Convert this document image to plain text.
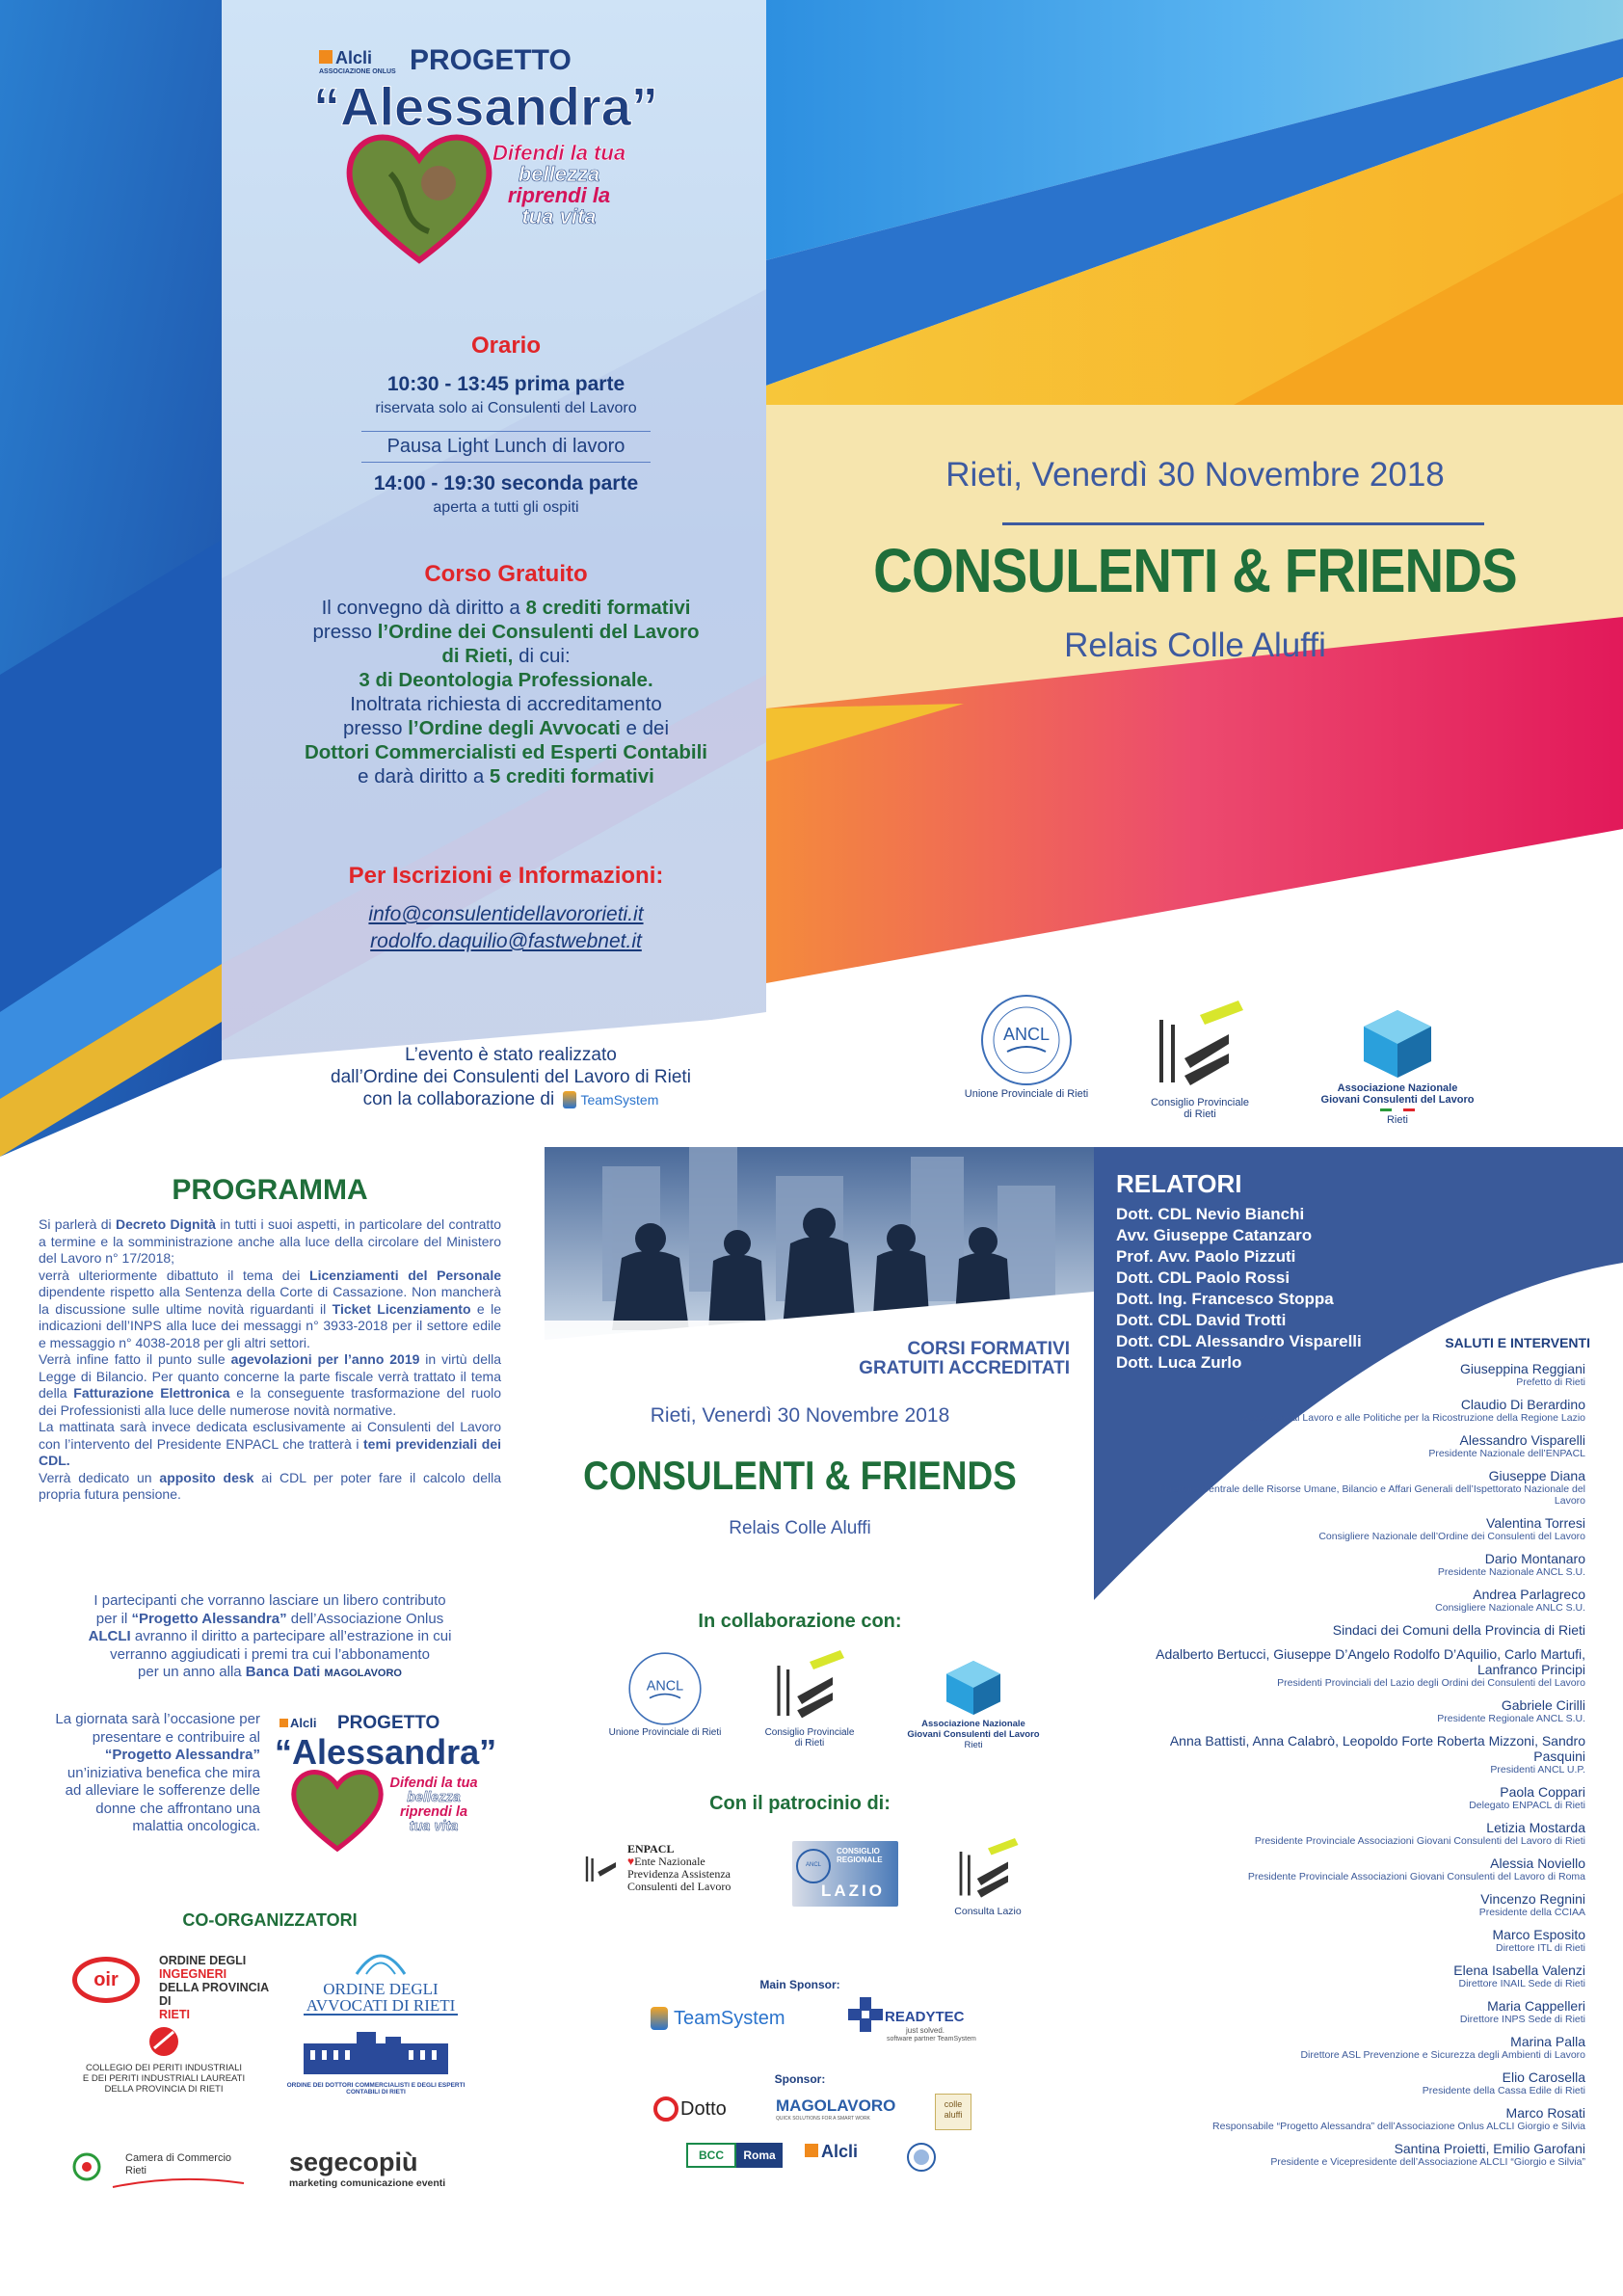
Alcli
ASSOCIAZIONE ONLUS PROGETTO
“Alessandra”
Difendi la tua
bellezza
riprendi la
tua vita
Orario
10:30 - 13:45 prima parte
riservata solo ai Consulenti del Lavoro
Pausa Light Lunch di lavoro
14:00 - 19:30 seconda parte
aperta a tutti gli ospiti
Corso Gratuito
Il convegno dà diritto a 8 crediti formativi
presso l’Ordine dei Consulenti del Lavoro
di Rieti, di cui:
3 di Deontologia Professionale.
Inoltrata richiesta di accreditamento
presso l’Ordine degli Avvocati e dei
Dottori Commercialisti ed Esperti Contabili
e darà diritto a 5 crediti formativi
Per Iscrizioni e Informazioni:
info@consulentidellavororieti.it
rodolfo.daquilio@fastwebnet.it
L’evento è stato realizzato
dall’Ordine dei Consulenti del Lavoro di Rieti
con la collaborazione di TeamSystem
Rieti, Venerdì 30 Novembre 2018
CONSULENTI & FRIENDS
Relais Colle Aluffi
ANCL
Unione Provinciale di Rieti
Consiglio Provinciale
di Rieti
Associazione Nazionale
Giovani Consulenti del Lavoro
Rieti
PROGRAMMA

Si parlerà di Decreto Dignità in tutti i suoi aspetti, in particolare del contratto a termine e la somministrazione anche alla luce della circolare del Ministero del Lavoro n° 17/2018;

verrà ulteriormente dibattuto il tema dei Licenziamenti del Personale dipendente rispetto alla Sentenza della Corte di Cassazione. Non mancherà la discussione sulle ultime novità riguardanti il Ticket Licenziamento e le indicazioni dell’INPS alla luce dei messaggi n° 3933-2018 per il settore edile e messaggio n° 4038-2018 per gli altri settori.

Verrà infine fatto il punto sulle agevolazioni per l’anno 2019 in virtù della Legge di Bilancio. Per quanto concerne la parte fiscale verrà trattato il tema della Fatturazione Elettronica e la conseguente trasformazione del ruolo dei Professionisti alla luce delle numerose novità normative.

La mattinata sarà invece dedicata esclusivamente ai Consulenti del Lavoro con l’intervento del Presidente ENPACL che tratterà i temi previdenziali dei CDL.

Verrà dedicato un apposito desk ai CDL per poter fare il calcolo della propria futura pensione.

I partecipanti che vorranno lasciare un libero contributo
per il “Progetto Alessandra” dell’Associazione Onlus
ALCLI avranno il diritto a partecipare all’estrazione in cui
verranno aggiudicati i premi tra cui l’abbonamento
per un anno alla Banca Dati MAGOLAVORO
La giornata sarà l’occasione per
presentare e contribuire al
“Progetto Alessandra”
un’iniziativa benefica che mira
ad alleviare le sofferenze delle
donne che affrontano una
malattia oncologica.
Alcli PROGETTO
“Alessandra”
Difendi la tua
bellezza
riprendi la
tua vita
CO-ORGANIZZATORI
oir
ORDINE DEGLI
INGEGNERI
DELLA PROVINCIA DI
RIETI
ORDINE DEGLI
AVVOCATI DI RIETI
COLLEGIO DEI PERITI INDUSTRIALI
E DEI PERITI INDUSTRIALI LAUREATI
DELLA PROVINCIA DI RIETI	ORDINE DEI DOTTORI COMMERCIALISTI E DEGLI ESPERTI CONTABILI DI RIETI
Camera di Commercio
Rieti	segecopiù
marketing comunicazione eventi
CORSI FORMATIVI
GRATUITI ACCREDITATI
Rieti, Venerdì 30 Novembre 2018
CONSULENTI & FRIENDS
Relais Colle Aluffi
In collaborazione con:
ANCL
Unione Provinciale di Rieti	Consiglio Provinciale
di Rieti
Associazione Nazionale
Giovani Consulenti del Lavoro
Rieti
Con il patrocinio di:
ENPACL
♥Ente Nazionale
Previdenza Assistenza
Consulenti del Lavoro
ANCL
CONSIGLIO
REGIONALE
LAZIO
Consulta Lazio
Main Sponsor:
TeamSystem	READYTEC
just solved.
software partner TeamSystem
Sponsor:
Dotto	MAGOLAVORO
QUICK SOLUTIONS FOR A SMART WORK
colle aluffi
BCC	Roma	Alcli
RELATORI
Dott. CDL Nevio Bianchi
Avv. Giuseppe Catanzaro
Prof. Avv. Paolo Pizzuti
Dott. CDL Paolo Rossi
Dott. Ing. Francesco Stoppa
Dott. CDL David Trotti
Dott. CDL Alessandro Visparelli
Dott. Luca Zurlo
SALUTI E INTERVENTI
Giuseppina Reggiani
Prefetto di Rieti
Claudio Di Berardino
Assessore al Lavoro e alle Politiche per la Ricostruzione della Regione Lazio
Alessandro Visparelli
Presidente Nazionale dell’ENPACL
Giuseppe Diana
Direttore Centrale delle Risorse Umane, Bilancio e Affari Generali dell’Ispettorato Nazionale del Lavoro
Valentina Torresi
Consigliere Nazionale dell’Ordine dei Consulenti del Lavoro
Dario Montanaro
Presidente Nazionale ANCL S.U.
Andrea Parlagreco
Consigliere Nazionale ANLC S.U.
Sindaci dei Comuni della Provincia di Rieti
Adalberto Bertucci, Giuseppe D’Angelo Rodolfo D’Aquilio, Carlo Martufi, Lanfranco Principi
Presidenti Provinciali del Lazio degli Ordini dei Consulenti del Lavoro
Gabriele Cirilli
Presidente Regionale ANCL S.U.
Anna Battisti, Anna Calabrò, Leopoldo Forte Roberta Mizzoni, Sandro Pasquini
Presidenti ANCL U.P.
Paola Coppari
Delegato ENPACL di Rieti
Letizia Mostarda
Presidente Provinciale Associazioni Giovani Consulenti del Lavoro di Rieti
Alessia Noviello
Presidente Provinciale Associazioni Giovani Consulenti del Lavoro di Roma
Vincenzo Regnini
Presidente della CCIAA
Marco Esposito
Direttore ITL di Rieti
Elena Isabella Valenzi
Direttore INAIL Sede di Rieti
Maria Cappelleri
Direttore INPS Sede di Rieti
Marina Palla
Direttore ASL Prevenzione e Sicurezza degli Ambienti di Lavoro
Elio Carosella
Presidente della Cassa Edile di Rieti
Marco Rosati
Responsabile “Progetto Alessandra” dell’Associazione Onlus ALCLI Giorgio e Silvia
Santina Proietti, Emilio Garofani
Presidente e Vicepresidente dell’Associazione ALCLI “Giorgio e Silvia”
